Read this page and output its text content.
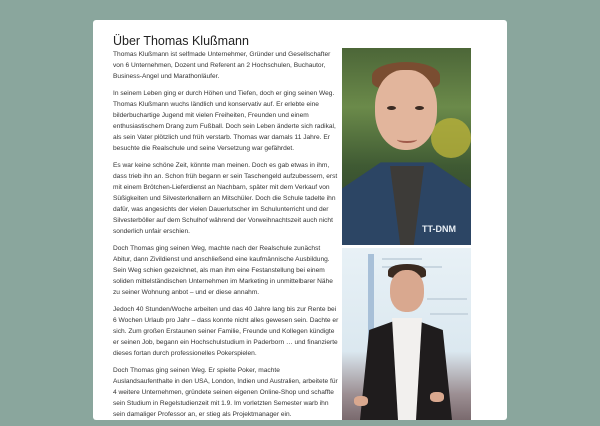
Über Thomas Klußmann

Thomas Klußmann ist selfmade Unternehmer, Gründer und Gesellschafter von 6 Unternehmen, Dozent und Referent an 2 Hochschulen, Buchautor, Business-Angel und Marathonläufer.

In seinem Leben ging er durch Höhen und Tiefen, doch er ging seinen Weg. Thomas Klußmann wuchs ländlich und konservativ auf. Er erlebte eine bilderbuchartige Jugend mit vielen Freiheiten, Freunden und einem enthusiastischem Drang zum Fußball. Doch sein Leben änderte sich radikal, als sein Vater plötzlich und früh verstarb. Thomas war damals 11 Jahre. Er besuchte die Realschule und seine Versetzung war gefährdet.

Es war keine schöne Zeit, könnte man meinen. Doch es gab etwas in ihm, dass trieb ihn an. Schon früh begann er sein Taschengeld aufzubessern, erst mit einem Brötchen-Lieferdienst an Nachbarn, später mit dem Verkauf von Süßigkeiten und Silvesterknallern an Mitschüler. Doch die Schule tadelte ihn dafür, was angesichts der vielen Dauerlutscher im Schulunterricht und der Silvesterböller auf dem Schulhof während der Vorweihnachtszeit auch nicht sonderlich unfair erschien.

Doch Thomas ging seinen Weg, machte nach der Realschule zunächst Abitur, dann Zivildienst und anschließend eine kaufmännische Ausbildung. Sein Weg schien gezeichnet, als man ihm eine Festanstellung bei einem soliden mittelständischen Unternehmen im Marketing in unmittelbarer Nähe zu seiner Wohnung anbot – und er diese annahm.

Jedoch 40 Stunden/Woche arbeiten und das 40 Jahre lang bis zur Rente bei 6 Wochen Urlaub pro Jahr – dass konnte nicht alles gewesen sein. Dachte er sich. Zum großen Erstaunen seiner Familie, Freunde und Kollegen kündigte er seinen Job, begann ein Hochschulstudium in Paderborn … und finanzierte dieses fortan durch professionelles Pokerspielen.

Doch Thomas ging seinen Weg. Er spielte Poker, machte Auslandsaufenthalte in den USA, London, Indien und Australien, arbeitete für 4 weitere Unternehmen, gründete seinen eigenen Online-Shop und schaffte sein Studium in Regelstudienzeit mit 1.9. Im vorletzten Semester warb ihn sein damaliger Professor an, er stieg als Projektmanager ein.

TT-DNM
